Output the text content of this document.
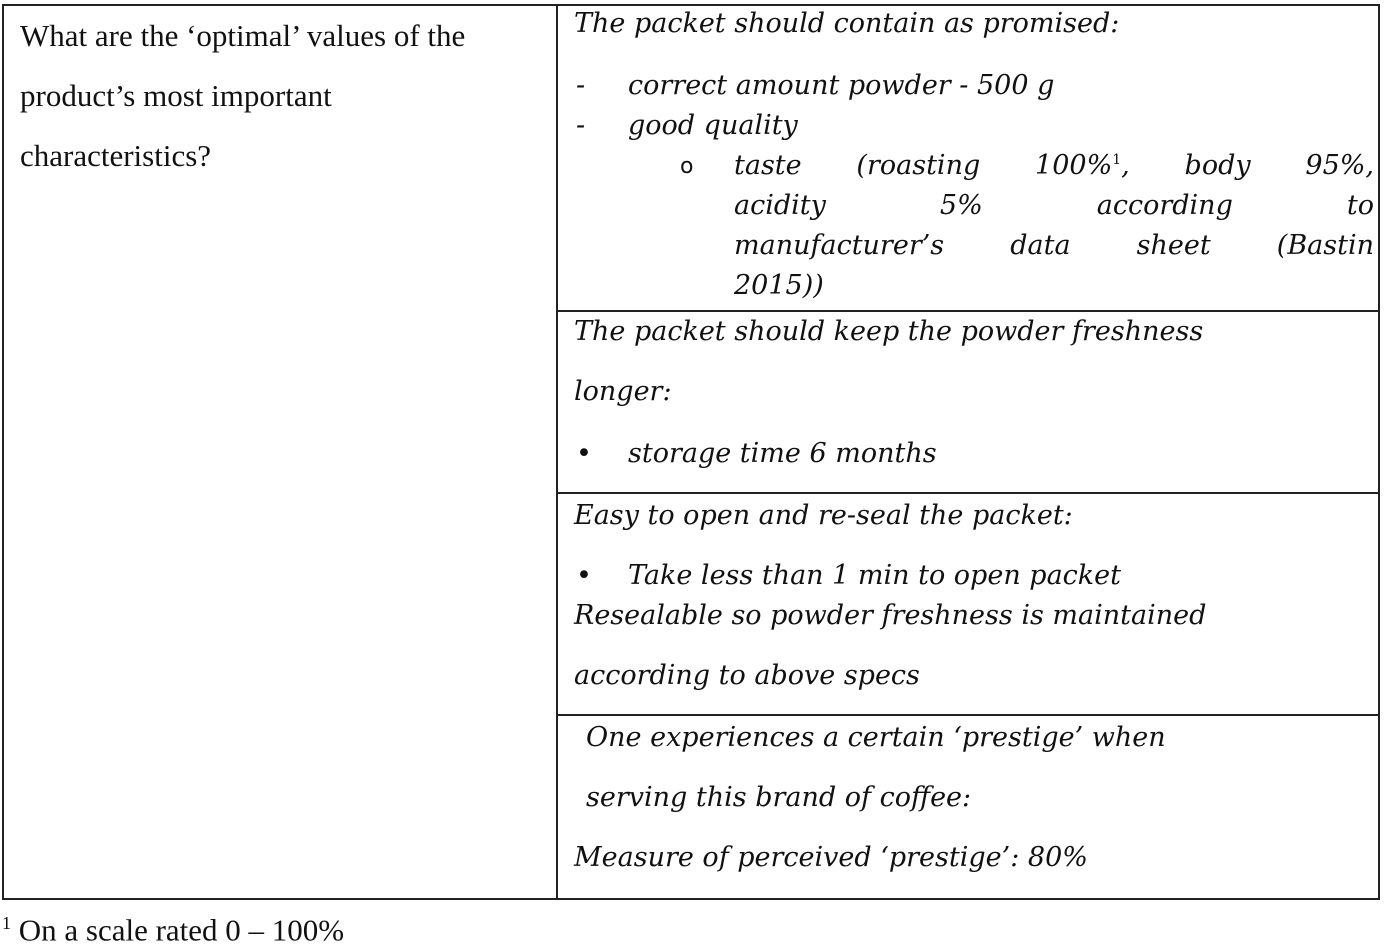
What are the ‘optimal’ values of the
product’s most important
characteristics?
The packet should contain as promised:
- correct amount powder - 500 g
- good quality
o taste (roasting 100%$^1$, body 95%,
acidity 5% according to
manufacturer’s data sheet (Bastin
2015))
The packet should keep the powder freshness
longer:
• storage time 6 months
Easy to open and re-seal the packet:
• Take less than 1 min to open packet
Resealable so powder freshness is maintained
according to above specs
One experiences a certain ‘prestige’ when
serving this brand of coffee:
Measure of perceived ‘prestige’: 80%
$^1$ On a scale rated 0 – 100%
